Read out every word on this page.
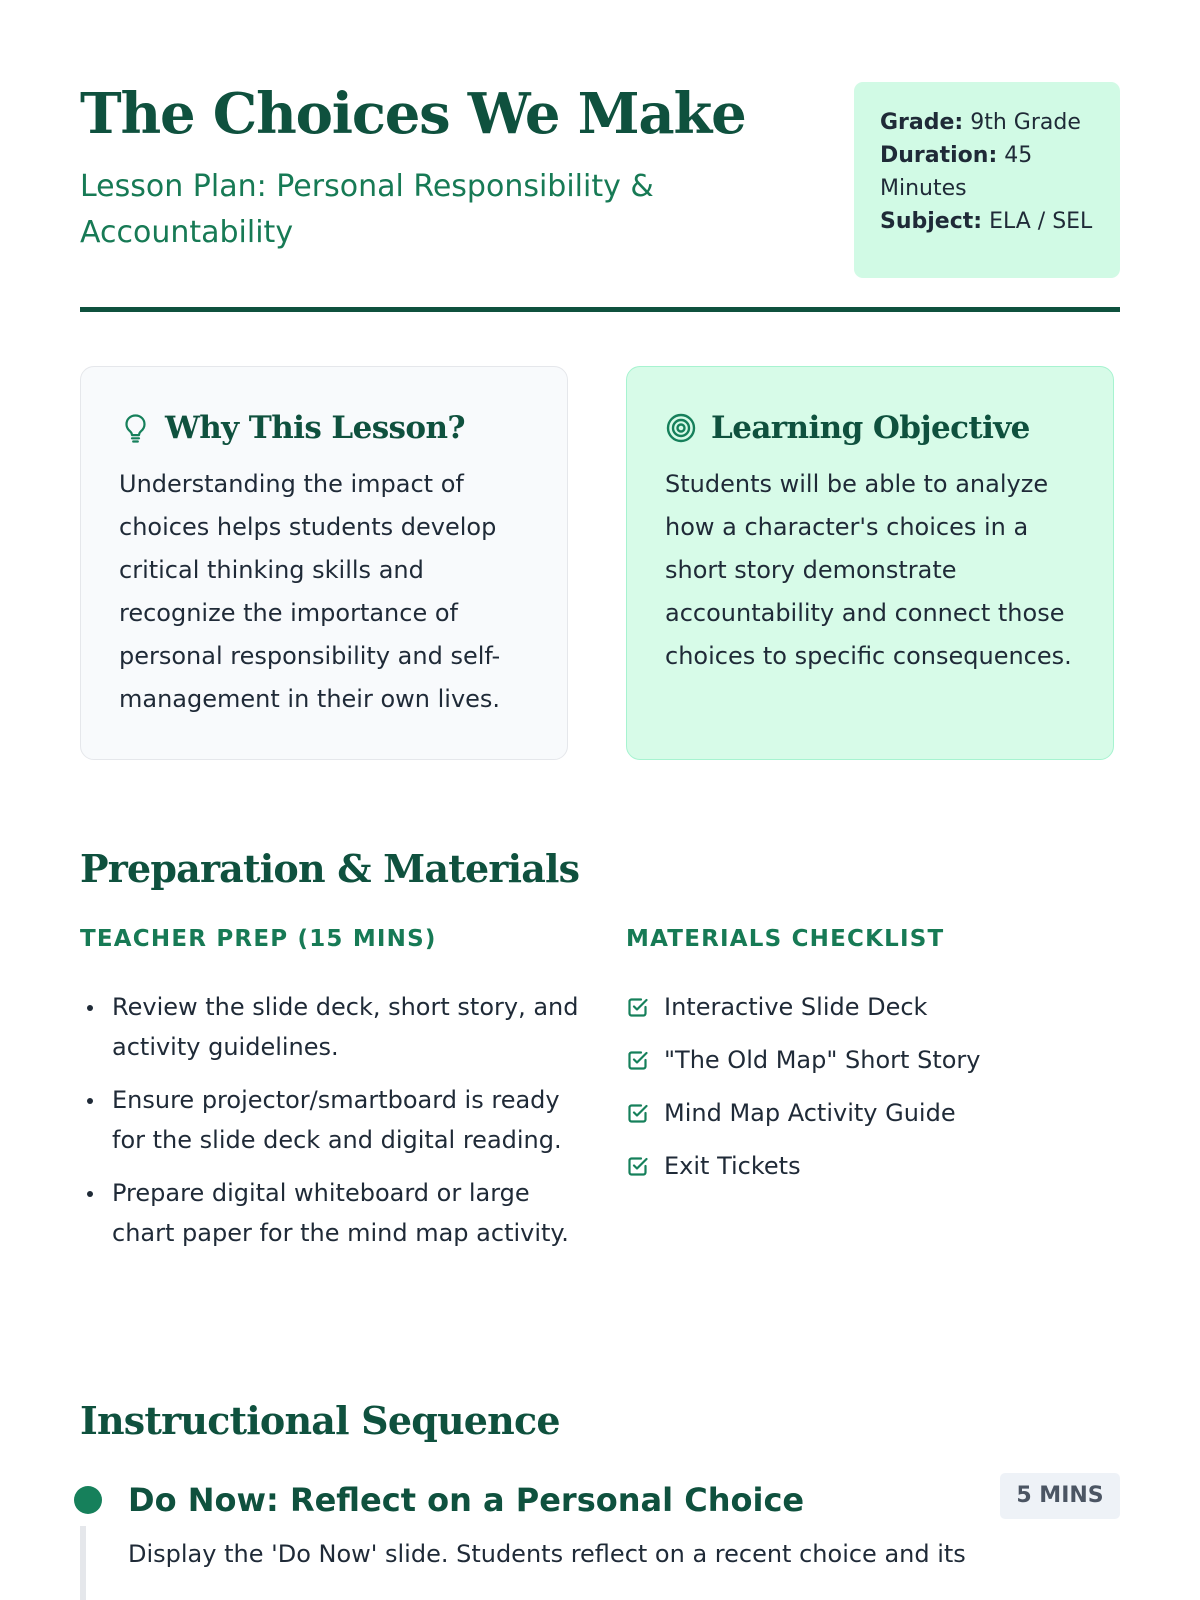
The Choices We Make
Lesson Plan: Personal Responsibility & Accountability
Grade: 9th Grade
Duration: 45 Minutes
Subject: ELA / SEL
Why This Lesson?

Understanding the impact of choices helps students develop critical thinking skills and recognize the importance of personal responsibility and self-management in their own lives.

Learning Objective

Students will be able to analyze how a character's choices in a short story demonstrate accountability and connect those choices to specific consequences.

Preparation & Materials
TEACHER PREP (15 MINS)
Review the slide deck, short story, and activity guidelines.
Ensure projector/smartboard is ready for the slide deck and digital reading.
Prepare digital whiteboard or large chart paper for the mind map activity.
MATERIALS CHECKLIST
Interactive Slide Deck
"The Old Map" Short Story
Mind Map Activity Guide
Exit Tickets
Instructional Sequence
Do Now: Reflect on a Personal Choice	5 MINS

Display the 'Do Now' slide. Students reflect on a recent choice and its
